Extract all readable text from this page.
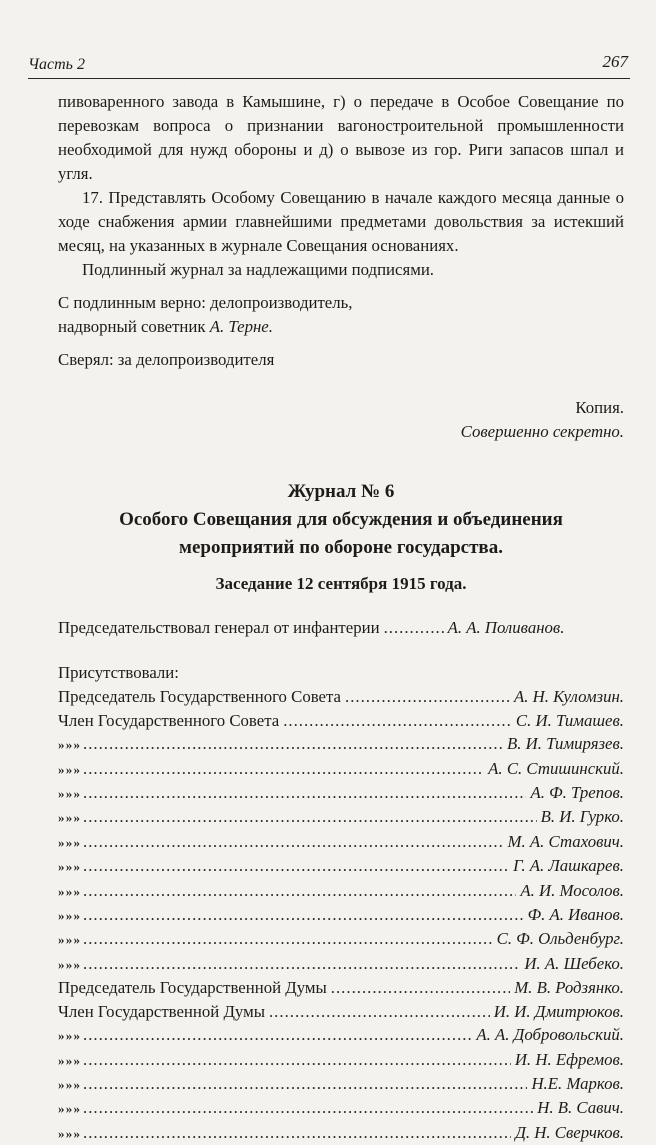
Часть 2	267

пивоваренного завода в Камышине, г) о передаче в Особое Совещание по перевозкам вопроса о признании вагоностроительной промышленности необходимой для нужд обороны и д) о вывозе из гор. Риги запасов шпал и угля.

17. Представлять Особому Совещанию в начале каждого месяца данные о ходе снабжения армии главнейшими предметами довольствия за истекший месяц, на указанных в журнале Совещания основаниях.

Подлинный журнал за надлежащими подписями.

С подлинным верно: делопроизводитель,

надворный советник А. Терне.

Сверял: за делопроизводителя

Копия.

Совершенно секретно.

Журнал № 6
Особого Совещания для обсуждения и объединения
мероприятий по обороне государства.
Заседание 12 сентября 1915 года.
Председательствовал генерал от инфантерии .....	А. А. Поливанов.

Присутствовали:

Председатель Государственного Совета .....	А. Н. Куломзин.
Член Государственного Совета .....	С. И. Тимашев.
» » » .....	В. И. Тимирязев.
» » » .....	А. С. Стишинский.
» » » .....	А. Ф. Трепов.
» » » .....	В. И. Гурко.
» » » .....	М. А. Стахович.
» » » .....	Г. А. Лашкарев.
» » » .....	А. И. Мосолов.
» » » .....	Ф. А. Иванов.
» » » .....	С. Ф. Ольденбург.
» » » .....	И. А. Шебеко.
Председатель Государственной Думы .....	М. В. Родзянко.
Член Государственной Думы .....	И. И. Дмитрюков.
» » » .....	А. А. Добровольский.
» » » .....	И. Н. Ефремов.
» » » .....	Н.Е. Марков.
» » » .....	Н. В. Савич.
» » » .....	Д. Н. Сверчков.
